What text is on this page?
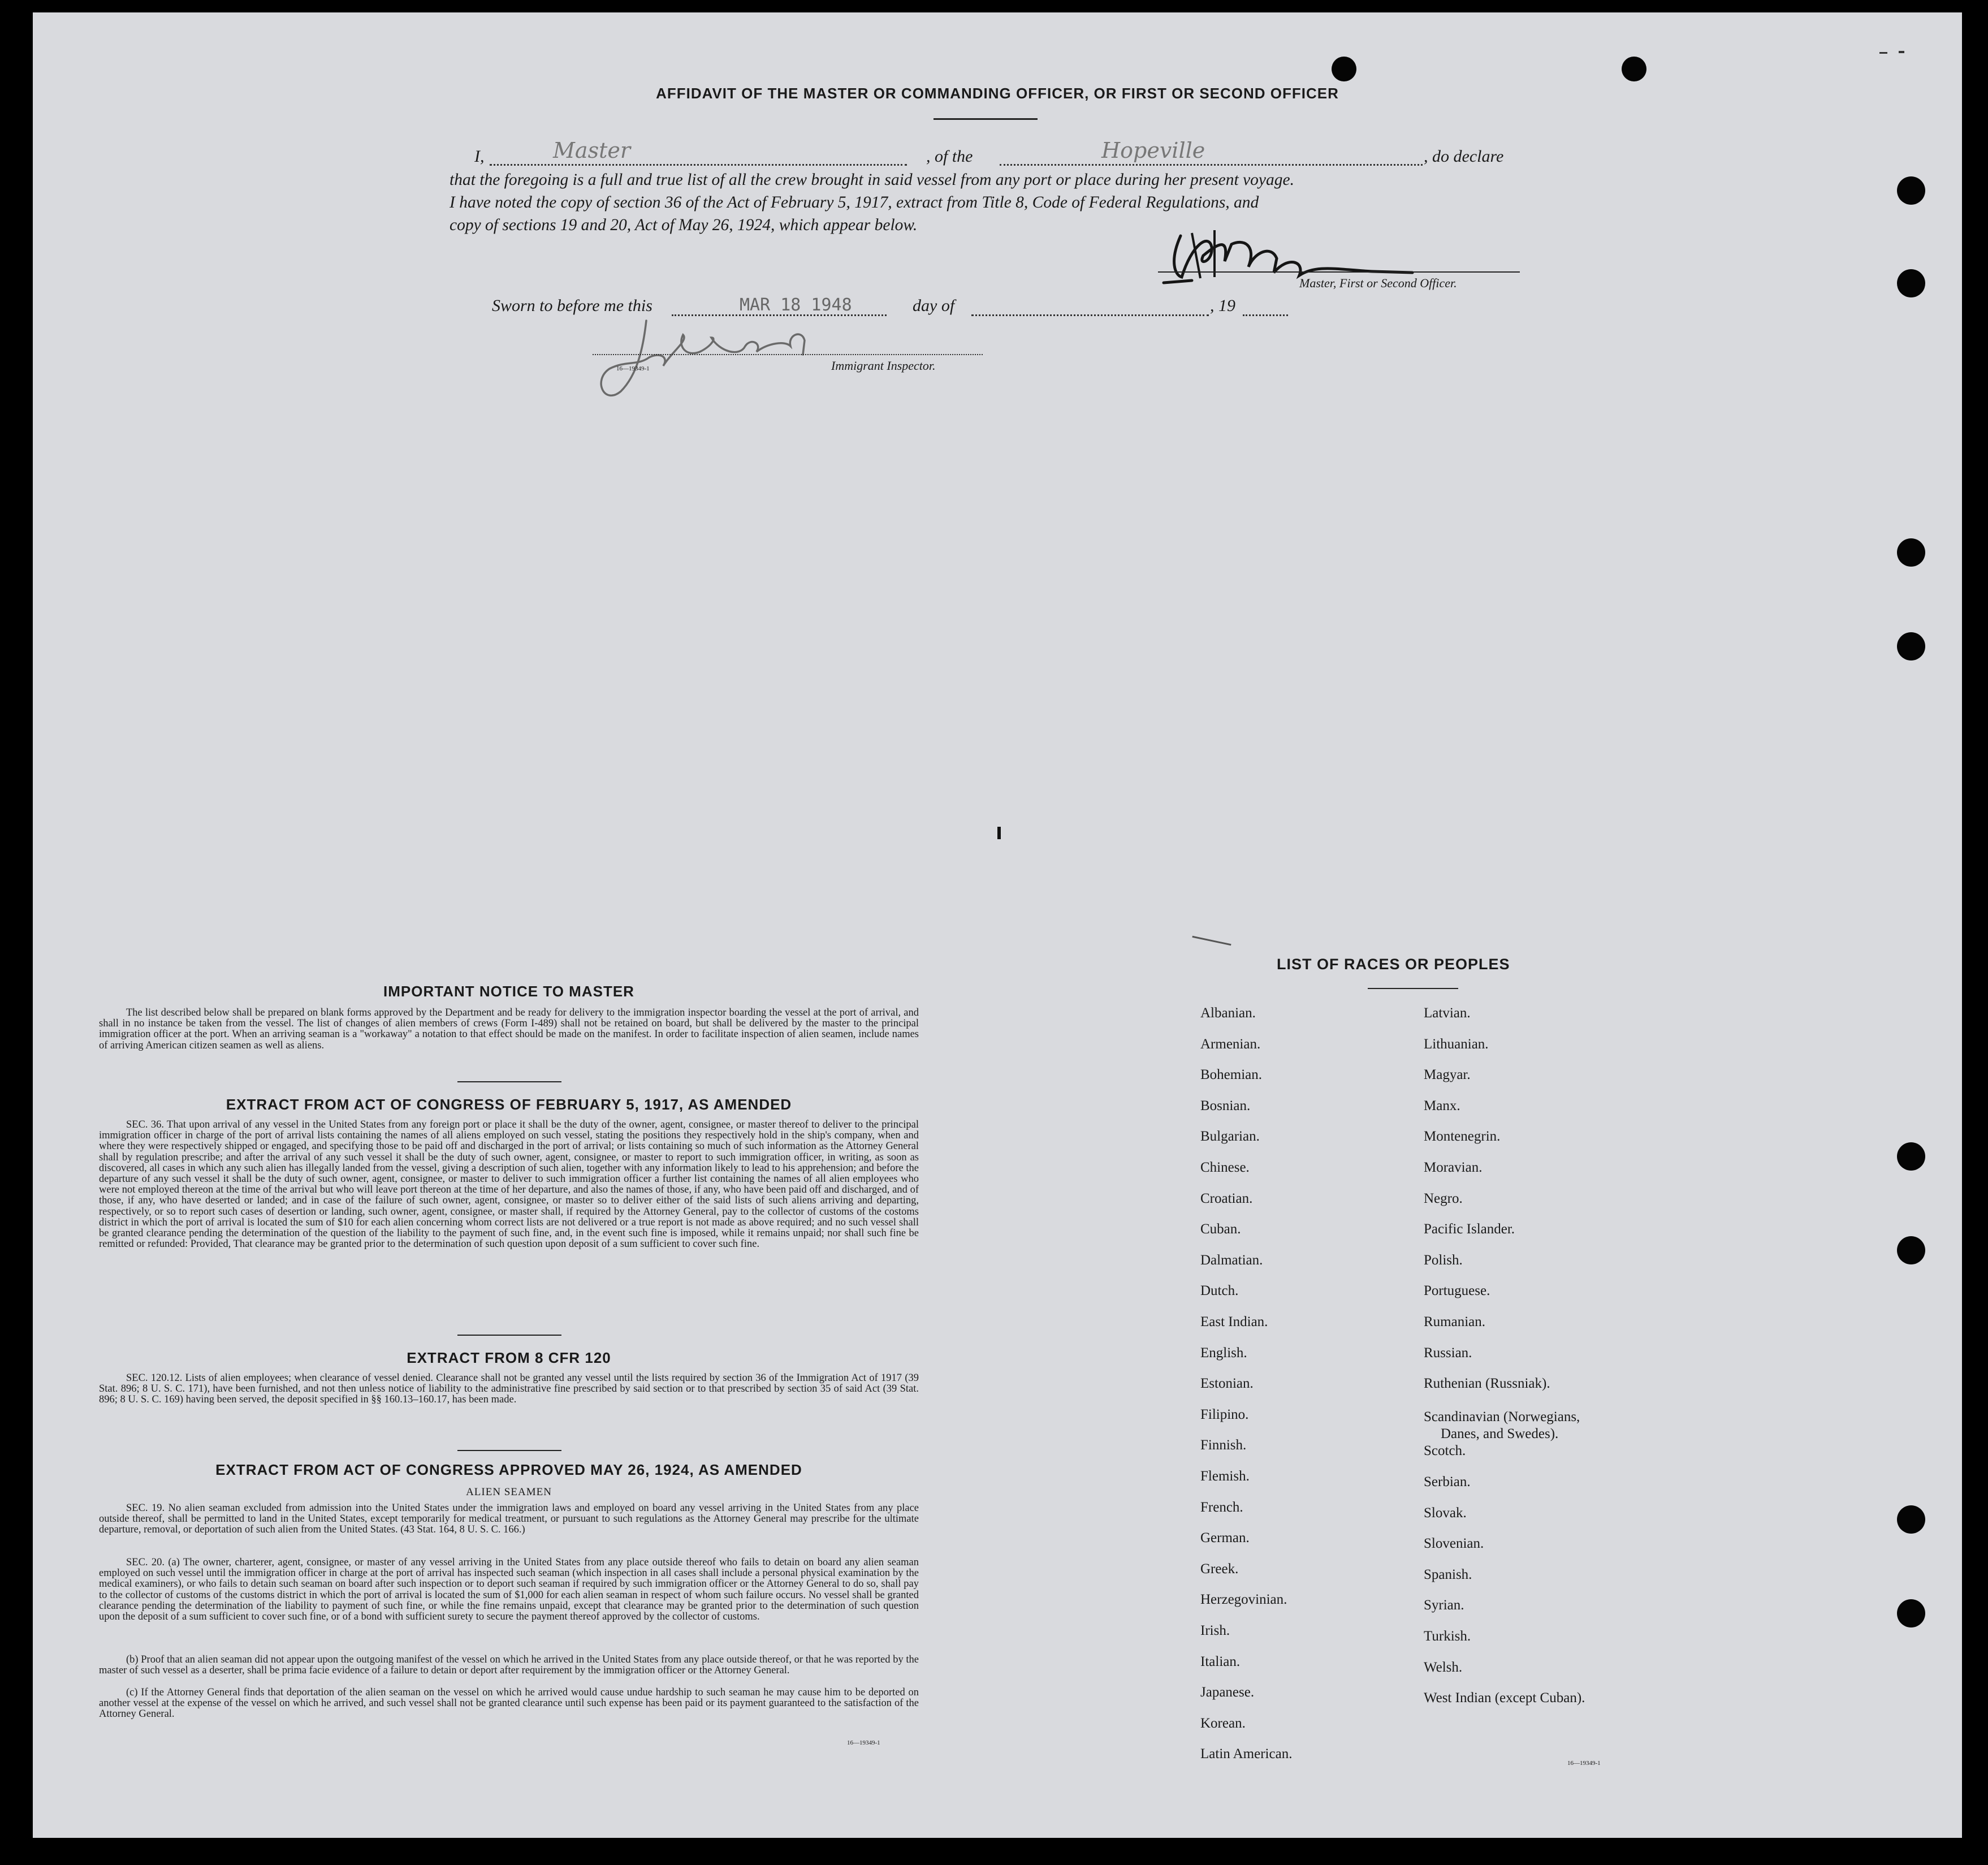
AFFIDAVIT OF THE MASTER OR COMMANDING OFFICER, OR FIRST OR SECOND OFFICER
I,	Master	, of the	Hopeville	, do declare
that the foregoing is a full and true list of all the crew brought in said vessel from any port or place during her present voyage.
I have noted the copy of section 36 of the Act of February 5, 1917, extract from Title 8, Code of Federal Regulations, and
copy of sections 19 and 20, Act of May 26, 1924, which appear below.
Master, First or Second Officer.
Sworn to before me this	MAR 18 1948	day of	, 19
16—19349-1	Immigrant Inspector.
IMPORTANT NOTICE TO MASTER
The list described below shall be prepared on blank forms approved by the Department and be ready for delivery to the immigration inspector boarding the vessel at the port of arrival, and shall in no instance be taken from the vessel. The list of changes of alien members of crews (Form I-489) shall not be retained on board, but shall be delivered by the master to the principal immigration officer at the port. When an arriving seaman is a "workaway" a notation to that effect should be made on the manifest. In order to facilitate inspection of alien seamen, include names of arriving American citizen seamen as well as aliens.
EXTRACT FROM ACT OF CONGRESS OF FEBRUARY 5, 1917, AS AMENDED
SEC. 36. That upon arrival of any vessel in the United States from any foreign port or place it shall be the duty of the owner, agent, consignee, or master thereof to deliver to the principal immigration officer in charge of the port of arrival lists containing the names of all aliens employed on such vessel, stating the positions they respectively hold in the ship's company, when and where they were respectively shipped or engaged, and specifying those to be paid off and discharged in the port of arrival; or lists containing so much of such information as the Attorney General shall by regulation prescribe; and after the arrival of any such vessel it shall be the duty of such owner, agent, consignee, or master to report to such immigration officer, in writing, as soon as discovered, all cases in which any such alien has illegally landed from the vessel, giving a description of such alien, together with any information likely to lead to his apprehension; and before the departure of any such vessel it shall be the duty of such owner, agent, consignee, or master to deliver to such immigration officer a further list containing the names of all alien employees who were not employed thereon at the time of the arrival but who will leave port thereon at the time of her departure, and also the names of those, if any, who have been paid off and discharged, and of those, if any, who have deserted or landed; and in case of the failure of such owner, agent, consignee, or master so to deliver either of the said lists of such aliens arriving and departing, respectively, or so to report such cases of desertion or landing, such owner, agent, consignee, or master shall, if required by the Attorney General, pay to the collector of customs of the costoms district in which the port of arrival is located the sum of $10 for each alien concerning whom correct lists are not delivered or a true report is not made as above required; and no such vessel shall be granted clearance pending the determination of the question of the liability to the payment of such fine, and, in the event such fine is imposed, while it remains unpaid; nor shall such fine be remitted or refunded: Provided, That clearance may be granted prior to the determination of such question upon deposit of a sum sufficient to cover such fine.
EXTRACT FROM 8 CFR 120
SEC. 120.12. Lists of alien employees; when clearance of vessel denied. Clearance shall not be granted any vessel until the lists required by section 36 of the Immigration Act of 1917 (39 Stat. 896; 8 U. S. C. 171), have been furnished, and not then unless notice of liability to the administrative fine prescribed by said section or to that prescribed by section 35 of said Act (39 Stat. 896; 8 U. S. C. 169) having been served, the deposit specified in §§ 160.13–160.17, has been made.
EXTRACT FROM ACT OF CONGRESS APPROVED MAY 26, 1924, AS AMENDED
ALIEN SEAMEN
SEC. 19. No alien seaman excluded from admission into the United States under the immigration laws and employed on board any vessel arriving in the United States from any place outside thereof, shall be permitted to land in the United States, except temporarily for medical treatment, or pursuant to such regulations as the Attorney General may prescribe for the ultimate departure, removal, or deportation of such alien from the United States. (43 Stat. 164, 8 U. S. C. 166.)
SEC. 20. (a) The owner, charterer, agent, consignee, or master of any vessel arriving in the United States from any place outside thereof who fails to detain on board any alien seaman employed on such vessel until the immigration officer in charge at the port of arrival has inspected such seaman (which inspection in all cases shall include a personal physical examination by the medical examiners), or who fails to detain such seaman on board after such inspection or to deport such seaman if required by such immigration officer or the Attorney General to do so, shall pay to the collector of customs of the customs district in which the port of arrival is located the sum of $1,000 for each alien seaman in respect of whom such failure occurs. No vessel shall be granted clearance pending the determination of the liability to payment of such fine, or while the fine remains unpaid, except that clearance may be granted prior to the determination of such question upon the deposit of a sum sufficient to cover such fine, or of a bond with sufficient surety to secure the payment thereof approved by the collector of customs.
(b) Proof that an alien seaman did not appear upon the outgoing manifest of the vessel on which he arrived in the United States from any place outside thereof, or that he was reported by the master of such vessel as a deserter, shall be prima facie evidence of a failure to detain or deport after requirement by the immigration officer or the Attorney General.
(c) If the Attorney General finds that deportation of the alien seaman on the vessel on which he arrived would cause undue hardship to such seaman he may cause him to be deported on another vessel at the expense of the vessel on which he arrived, and such vessel shall not be granted clearance until such expense has been paid or its payment guaranteed to the satisfaction of the Attorney General.
16—19349-1
LIST OF RACES OR PEOPLES
Albanian.
Armenian.
Bohemian.
Bosnian.
Bulgarian.
Chinese.
Croatian.
Cuban.
Dalmatian.
Dutch.
East Indian.
English.
Estonian.
Filipino.
Finnish.
Flemish.
French.
German.
Greek.
Herzegovinian.
Irish.
Italian.
Japanese.
Korean.
Latin American.
Latvian.
Lithuanian.
Magyar.
Manx.
Montenegrin.
Moravian.
Negro.
Pacific Islander.
Polish.
Portuguese.
Rumanian.
Russian.
Ruthenian (Russniak).
Scandinavian (Norwegians,
Danes, and Swedes).
Scotch.
Serbian.
Slovak.
Slovenian.
Spanish.
Syrian.
Turkish.
Welsh.
West Indian (except Cuban).
16—19349-1
